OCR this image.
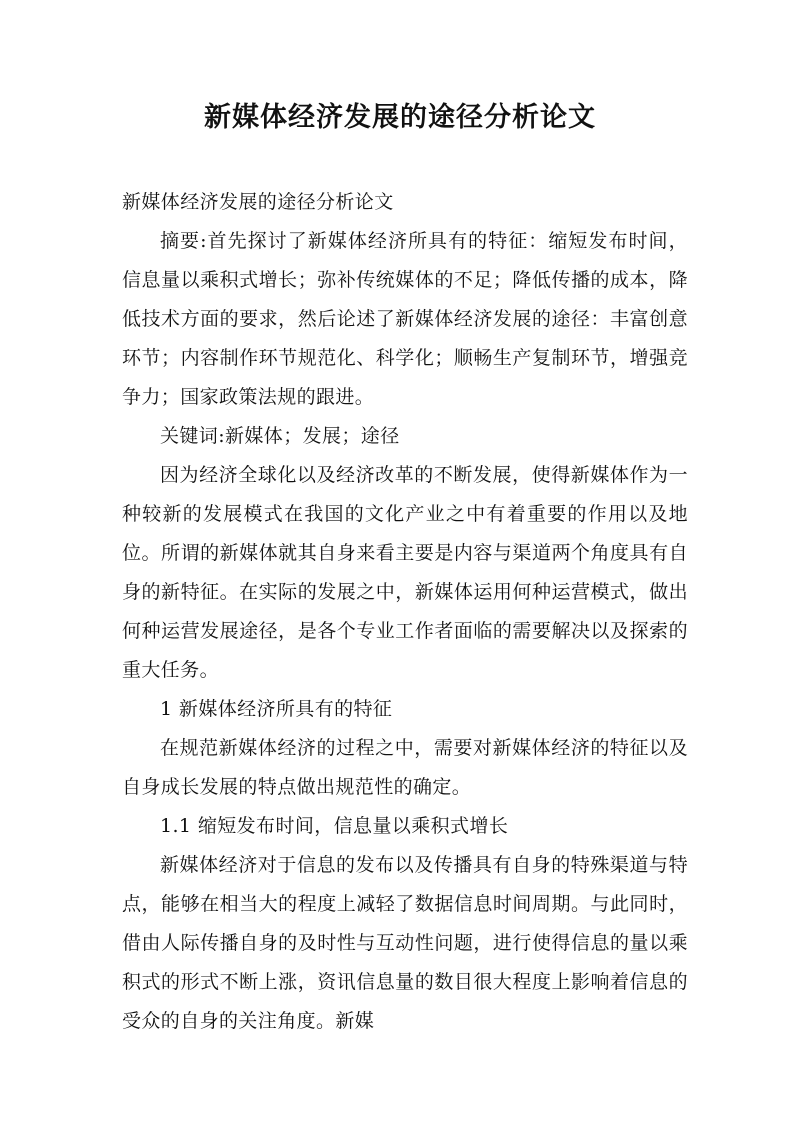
新媒体经济发展的途径分析论文

新媒体经济发展的途径分析论文

摘要:首先探讨了新媒体经济所具有的特征：缩短发布时间，信息量以乘积式增长；弥补传统媒体的不足；降低传播的成本，降低技术方面的要求，然后论述了新媒体经济发展的途径：丰富创意环节；内容制作环节规范化、科学化；顺畅生产复制环节，增强竞争力；国家政策法规的跟进。

关键词:新媒体；发展；途径

因为经济全球化以及经济改革的不断发展，使得新媒体作为一种较新的发展模式在我国的文化产业之中有着重要的作用以及地位。所谓的新媒体就其自身来看主要是内容与渠道两个角度具有自身的新特征。在实际的发展之中，新媒体运用何种运营模式，做出何种运营发展途径，是各个专业工作者面临的需要解决以及探索的重大任务。

1 新媒体经济所具有的特征

在规范新媒体经济的过程之中，需要对新媒体经济的特征以及自身成长发展的特点做出规范性的确定。

1.1 缩短发布时间，信息量以乘积式增长

新媒体经济对于信息的发布以及传播具有自身的特殊渠道与特点，能够在相当大的程度上减轻了数据信息时间周期。与此同时，借由人际传播自身的及时性与互动性问题，进行使得信息的量以乘积式的形式不断上涨，资讯信息量的数目很大程度上影响着信息的受众的自身的关注角度。新媒
